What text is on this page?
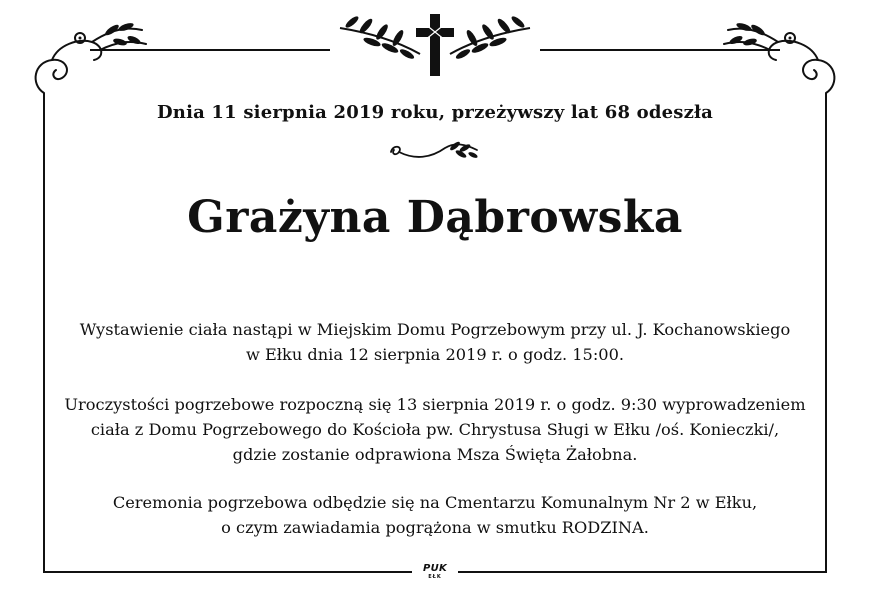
Dnia 11 sierpnia 2019 roku, przeżywszy lat 68 odeszła
Grażyna Dąbrowska
Wystawienie ciała nastąpi w Miejskim Domu Pogrzebowym przy ul. J. Kochanowskiego
w Ełku dnia 12 sierpnia 2019 r. o godz. 15:00.
Uroczystości pogrzebowe rozpoczną się 13 sierpnia 2019 r. o godz. 9:30 wyprowadzeniem
ciała z Domu Pogrzebowego do Kościoła pw. Chrystusa Sługi w Ełku /oś. Konieczki/,
gdzie zostanie odprawiona Msza Święta Żałobna.
Ceremonia pogrzebowa odbędzie się na Cmentarzu Komunalnym Nr 2 w Ełku,
o czym zawiadamia pogrążona w smutku RODZINA.
PUK
EŁK
